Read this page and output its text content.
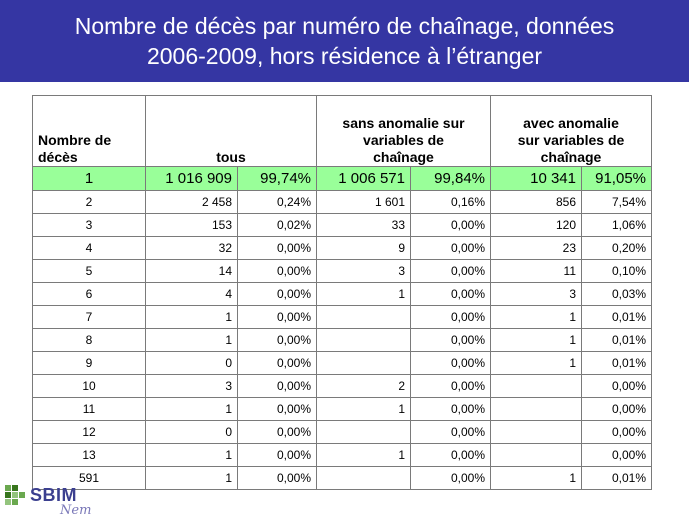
Nombre de décès par numéro de chaînage, données
2006-2009, hors résidence à l’étranger
Nombre de
décès	tous		sans anomalie sur
variables de
chaînage		avec anomalie
sur variables de
chaînage	
1	1 016 909	99,74%	1 006 571	99,84%	10 341	91,05%
2	2 458	0,24%	1 601	0,16%	856	7,54%
3	153	0,02%	33	0,00%	120	1,06%
4	32	0,00%	9	0,00%	23	0,20%
5	14	0,00%	3	0,00%	11	0,10%
6	4	0,00%	1	0,00%	3	0,03%
7	1	0,00%		0,00%	1	0,01%
8	1	0,00%		0,00%	1	0,01%
9	0	0,00%		0,00%	1	0,01%
10	3	0,00%	2	0,00%		0,00%
11	1	0,00%	1	0,00%		0,00%
12	0	0,00%		0,00%		0,00%
13	1	0,00%	1	0,00%		0,00%
591	1	0,00%		0,00%	1	0,01%
SBIM
Nem
